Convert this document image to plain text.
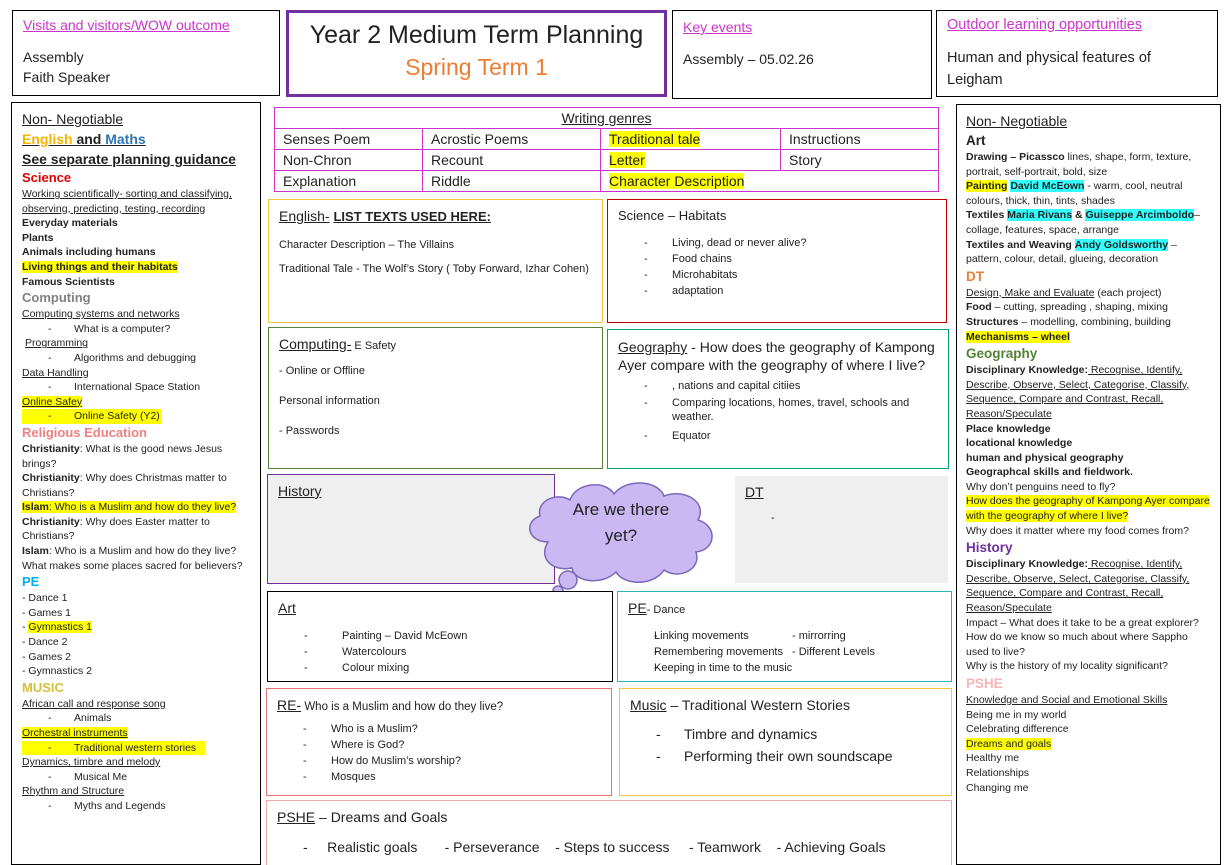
Visits and visitors/WOW outcome
Assembly
Faith Speaker
Year 2 Medium Term Planning
Spring Term 1
Key events
Assembly – 05.02.26
Outdoor learning opportunities
Human and physical features of Leigham
Non- Negotiable
English and Maths
See separate planning guidance
Science
Working scientifically- sorting and classifying, observing, predicting, testing, recording
Everyday materials
Plants
Animals including humans
Living things and their habitats
Famous Scientists
Computing
Computing systems and networks
- What is a computer?
Programming
- Algorithms and debugging
Data Handling
- International Space Station
Online Safey
- Online Safety (Y2)
Religious Education
Christianity: What is the good news Jesus brings?
Christianity: Why does Christmas matter to Christians?
Islam: Who is a Muslim and how do they live?
Christianity: Why does Easter matter to Christians?
Islam: Who is a Muslim and how do they live?
What makes some places sacred for believers?
PE
- Dance 1
- Games 1
- Gymnastics 1
- Dance 2
- Games 2
- Gymnastics 2
MUSIC
African call and response song
- Animals
Orchestral instruments
- Traditional western stories
Dynamics, timbre and melody
- Musical Me
Rhythm and Structure
- Myths and Legends
Writing genres			
Senses Poem	Acrostic Poems	Traditional tale	Instructions
Non-Chron	Recount	Letter	Story
Explanation	Riddle	Character Description	
English- LIST TEXTS USED HERE:
Character Description – The Villains
Traditional Tale - The Wolf’s Story ( Toby Forward, Izhar Cohen)
Science – Habitats
- Living, dead or never alive?
- Food chains
- Microhabitats
- adaptation
Computing- E Safety
- Online or Offline
Personal information
- Passwords
Geography - How does the geography of Kampong Ayer compare with the geography of where I live?
- , nations and capital citiies
- Comparing locations, homes, travel, schools and weather.
- Equator
History	DT
-
Are we there yet?
Art
- Painting – David McEown
- Watercolours
- Colour mixing
PE- Dance
- Linking movements	- mirrorring
- Remembering movements - Different Levels
- Keeping in time to the music
RE- Who is a Muslim and how do they live?
- Who is a Muslim?
- Where is God?
- How do Muslim’s worship?
- Mosques
Music – Traditional Western Stories
- Timbre and dynamics
- Performing their own soundscape
PSHE – Dreams and Goals
-     Realistic goals - Perseverance - Steps to success - Teamwork - Achieving Goals
Non- Negotiable
Art
Drawing – Picassco lines, shape, form, texture, portrait, self-portrait, bold, size
Painting David McEown - warm, cool, neutral colours, thick, thin, tints, shades
Textiles Maria Rivans & Guiseppe Arcimboldo– collage, features, space, arrange
Textiles and Weaving Andy Goldsworthy – pattern, colour, detail, glueing, decoration
DT
Design, Make and Evaluate (each project)
Food – cutting, spreading , shaping, mixing
Structures – modelling, combining, building
Mechanisms – wheel
Geography
Disciplinary Knowledge: Recognise, Identify, Describe, Observe, Select, Categorise, Classify, Sequence, Compare and Contrast, Recall, Reason/Speculate
Place knowledge
locational knowledge
human and physical geography
Geographcal skills and fieldwork.
Why don’t penguins need to fly?
How does the geography of Kampong Ayer compare with the geography of where I live?
Why does it matter where my food comes from?
History
Disciplinary Knowledge: Recognise, Identify, Describe, Observe, Select, Categorise, Classify, Sequence, Compare and Contrast, Recall, Reason/Speculate
Impact – What does it take to be a great explorer?
How do we know so much about where Sappho used to live?
Why is the history of my locality significant?
PSHE
Knowledge and Social and Emotional Skills
Being me in my world
Celebrating difference
Dreams and goals
Healthy me
Relationships
Changing me
